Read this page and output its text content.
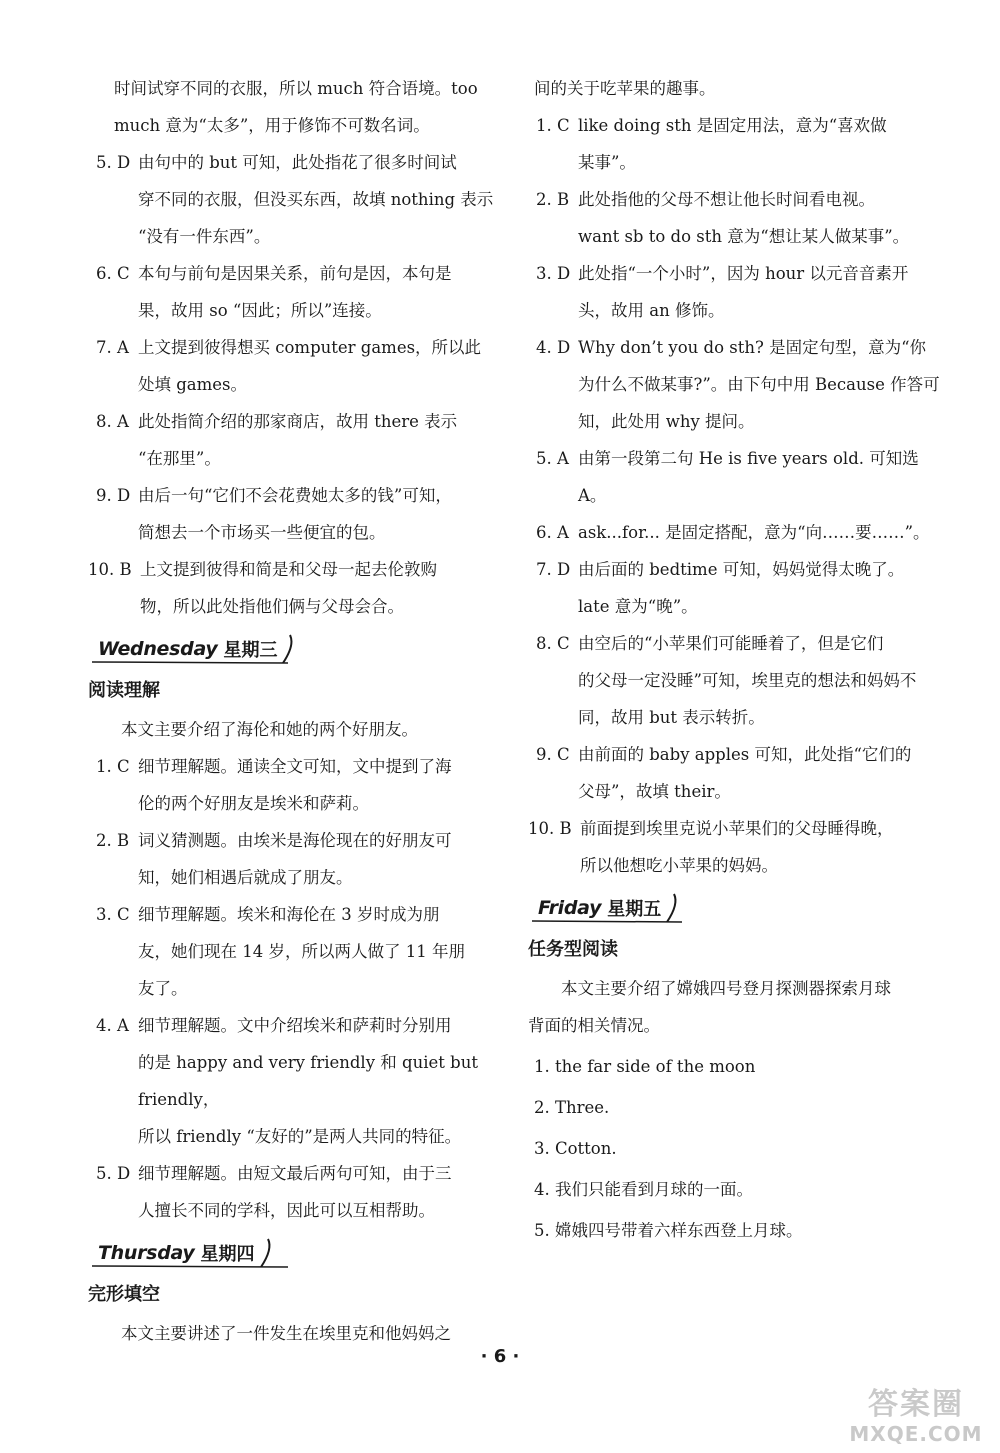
时间试穿不同的衣服，所以 much 符合语境。too
much 意为“太多”，用于修饰不可数名词。
5. D 由句中的 but 可知，此处指花了很多时间试
穿不同的衣服，但没买东西，故填 nothing 表示
“没有一件东西”。
6. C 本句与前句是因果关系，前句是因，本句是
果，故用 so “因此；所以”连接。
7. A 上文提到彼得想买 computer games，所以此
处填 games。
8. A 此处指简介绍的那家商店，故用 there 表示
“在那里”。
9. D 由后一句“它们不会花费她太多的钱”可知，
简想去一个市场买一些便宜的包。
10. B 上文提到彼得和简是和父母一起去伦敦购
物，所以此处指他们俩与父母会合。
Wednesday 星期三
阅读理解
本文主要介绍了海伦和她的两个好朋友。
1. C 细节理解题。通读全文可知，文中提到了海
伦的两个好朋友是埃米和萨莉。
2. B 词义猜测题。由埃米是海伦现在的好朋友可
知，她们相遇后就成了朋友。
3. C 细节理解题。埃米和海伦在 3 岁时成为朋
友，她们现在 14 岁，所以两人做了 11 年朋
友了。
4. A 细节理解题。文中介绍埃米和萨莉时分别用
的是 happy and very friendly 和 quiet but friendly，
所以 friendly “友好的”是两人共同的特征。
5. D 细节理解题。由短文最后两句可知，由于三
人擅长不同的学科，因此可以互相帮助。
Thursday 星期四
完形填空
本文主要讲述了一件发生在埃里克和他妈妈之
间的关于吃苹果的趣事。
1. C like doing sth 是固定用法，意为“喜欢做
某事”。
2. B 此处指他的父母不想让他长时间看电视。
want sb to do sth 意为“想让某人做某事”。
3. D 此处指“一个小时”，因为 hour 以元音音素开
头，故用 an 修饰。
4. D Why don’t you do sth? 是固定句型，意为“你
为什么不做某事?”。由下句中用 Because 作答可
知，此处用 why 提问。
5. A 由第一段第二句 He is five years old. 可知选 A。
6. A ask...for... 是固定搭配，意为“向……要……”。
7. D 由后面的 bedtime 可知，妈妈觉得太晚了。
late 意为“晚”。
8. C 由空后的“小苹果们可能睡着了，但是它们
的父母一定没睡”可知，埃里克的想法和妈妈不
同，故用 but 表示转折。
9. C 由前面的 baby apples 可知，此处指“它们的
父母”，故填 their。
10. B 前面提到埃里克说小苹果们的父母睡得晚，
所以他想吃小苹果的妈妈。
Friday 星期五
任务型阅读
本文主要介绍了嫦娥四号登月探测器探索月球
背面的相关情况。
1. the far side of the moon
2. Three.
3. Cotton.
4. 我们只能看到月球的一面。
5. 嫦娥四号带着六样东西登上月球。
· 6 ·
答案圈
MXQE.COM
